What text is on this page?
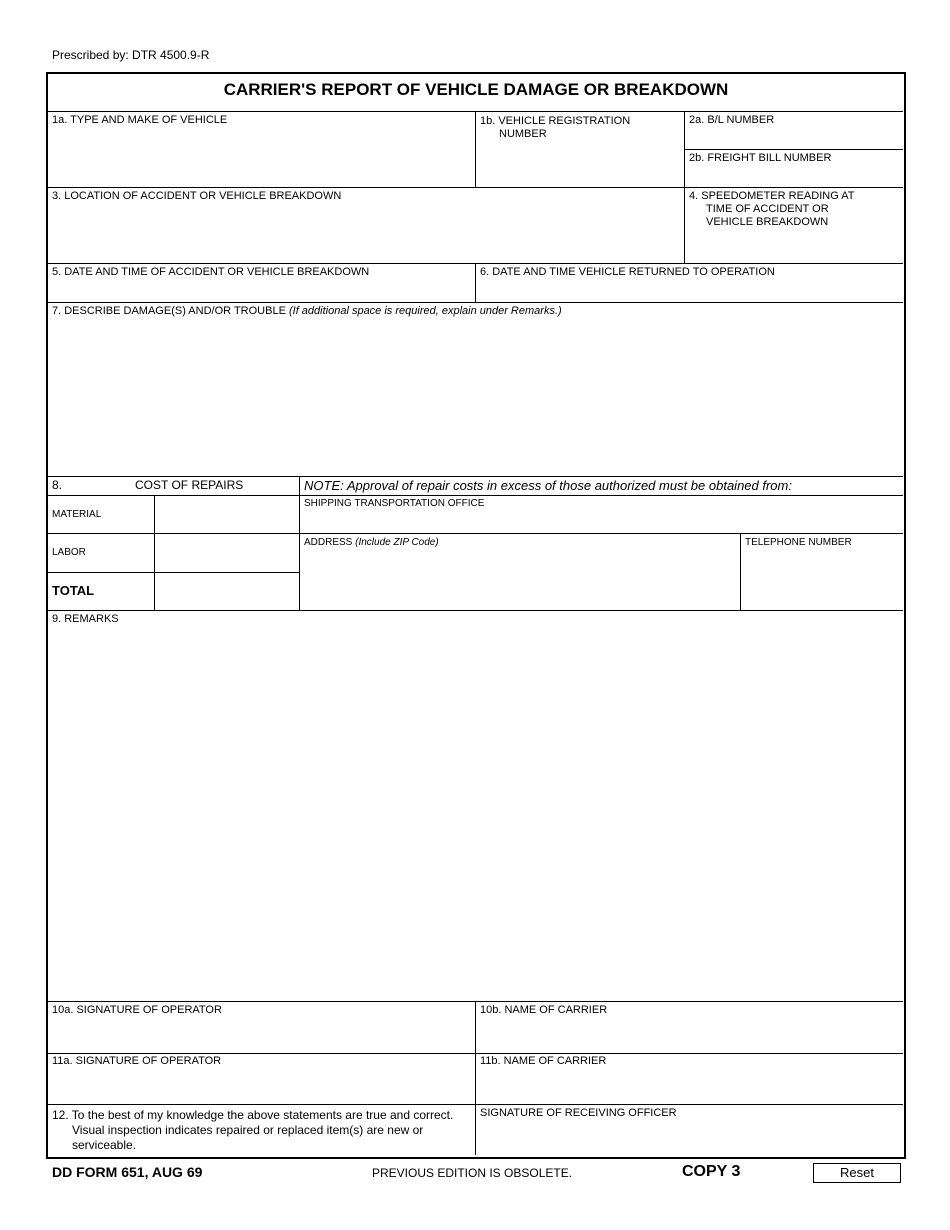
Prescribed by: DTR 4500.9-R
CARRIER'S REPORT OF VEHICLE DAMAGE OR BREAKDOWN
1a. TYPE AND MAKE OF VEHICLE	1b. VEHICLE REGISTRATION
NUMBER
2a. B/L NUMBER
2b. FREIGHT BILL NUMBER
3. LOCATION OF ACCIDENT OR VEHICLE BREAKDOWN	4. SPEEDOMETER READING AT
TIME OF ACCIDENT OR
VEHICLE BREAKDOWN
5. DATE AND TIME OF ACCIDENT OR VEHICLE BREAKDOWN	6. DATE AND TIME VEHICLE RETURNED TO OPERATION
7. DESCRIBE DAMAGE(S) AND/OR TROUBLE (If additional space is required, explain under Remarks.)
8.	COST OF REPAIRS	NOTE: Approval of repair costs in excess of those authorized must be obtained from:
MATERIAL
LABOR
TOTAL
SHIPPING TRANSPORTATION OFFICE
ADDRESS (Include ZIP Code)	TELEPHONE NUMBER
9. REMARKS
10a. SIGNATURE OF OPERATOR	10b. NAME OF CARRIER
11a. SIGNATURE OF OPERATOR	11b. NAME OF CARRIER
12. To the best of my knowledge the above statements are true and correct.
Visual inspection indicates repaired or replaced item(s) are new or
serviceable.
SIGNATURE OF RECEIVING OFFICER
DD FORM 651, AUG 69	PREVIOUS EDITION IS OBSOLETE.	COPY 3	Reset
